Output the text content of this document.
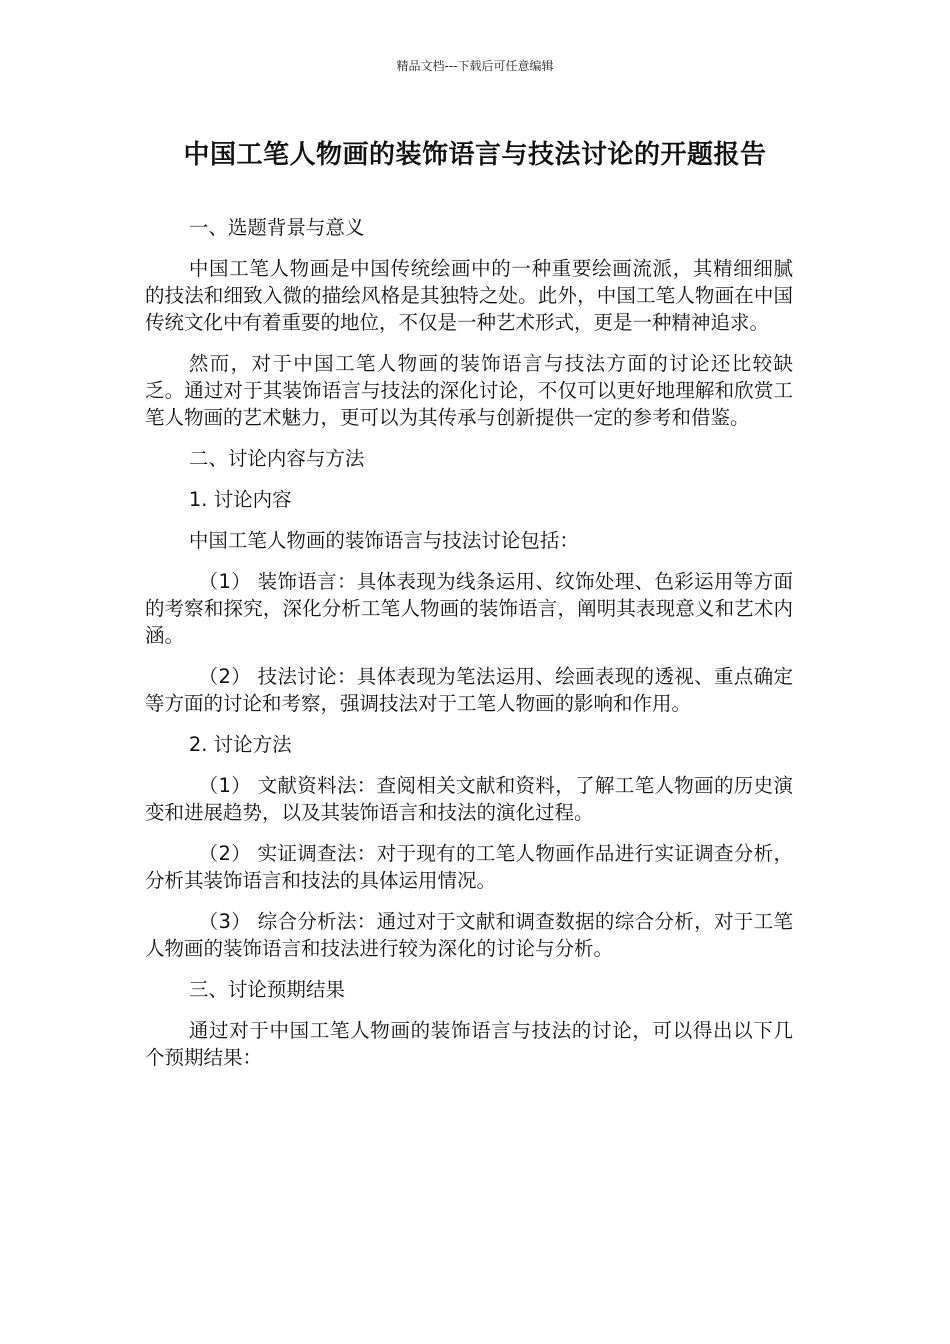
精品文档---下载后可任意编辑
中国工笔人物画的装饰语言与技法讨论的开题报告

一、选题背景与意义

中国工笔人物画是中国传统绘画中的一种重要绘画流派，其精细细腻的技法和细致入微的描绘风格是其独特之处。此外，中国工笔人物画在中国传统文化中有着重要的地位，不仅是一种艺术形式，更是一种精神追求。

然而，对于中国工笔人物画的装饰语言与技法方面的讨论还比较缺乏。通过对于其装饰语言与技法的深化讨论，不仅可以更好地理解和欣赏工笔人物画的艺术魅力，更可以为其传承与创新提供一定的参考和借鉴。

二、讨论内容与方法

1. 讨论内容

中国工笔人物画的装饰语言与技法讨论包括：

（1） 装饰语言：具体表现为线条运用、纹饰处理、色彩运用等方面的考察和探究，深化分析工笔人物画的装饰语言，阐明其表现意义和艺术内涵。

（2） 技法讨论：具体表现为笔法运用、绘画表现的透视、重点确定等方面的讨论和考察，强调技法对于工笔人物画的影响和作用。

2. 讨论方法

（1） 文献资料法：查阅相关文献和资料，了解工笔人物画的历史演变和进展趋势，以及其装饰语言和技法的演化过程。

（2） 实证调查法：对于现有的工笔人物画作品进行实证调查分析，分析其装饰语言和技法的具体运用情况。

（3） 综合分析法：通过对于文献和调查数据的综合分析，对于工笔人物画的装饰语言和技法进行较为深化的讨论与分析。

三、讨论预期结果

通过对于中国工笔人物画的装饰语言与技法的讨论，可以得出以下几个预期结果：
